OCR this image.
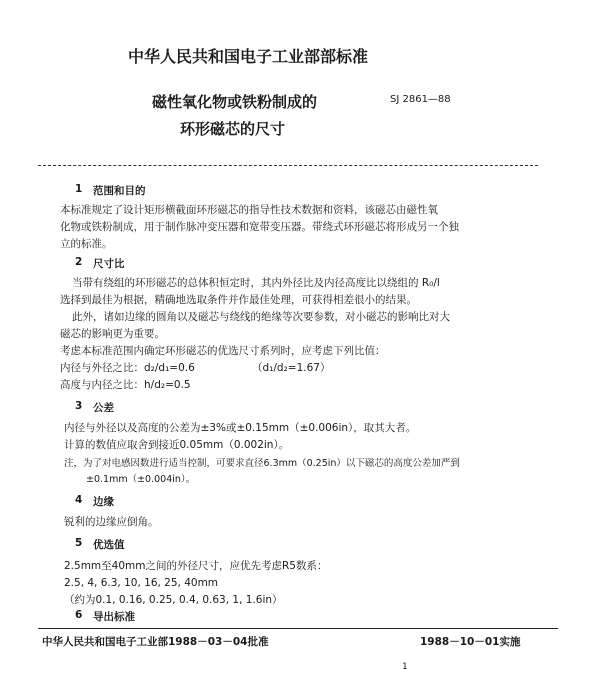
中华人民共和国电子工业部部标准
磁性氧化物或铁粉制成的	SJ 2861—88
环形磁芯的尺寸
1 范围和目的
本标准规定了设计矩形横截面环形磁芯的指导性技术数据和资料，该磁芯由磁性氧
化物或铁粉制成，用于制作脉冲变压器和宽带变压器。带绕式环形磁芯将形成另一个独
立的标准。
2 尺寸比
当带有绕组的环形磁芯的总体积恒定时，其内外径比及内径高度比以绕组的 R₀/l
选择到最佳为根据，精确地选取条件并作最佳处理，可获得相差很小的结果。
此外，诸如边缘的圆角以及磁芯与绕线的绝缘等次要参数，对小磁芯的影响比对大
磁芯的影响更为重要。
考虑本标准范围内确定环形磁芯的优选尺寸系列时，应考虑下列比值：
内径与外径之比：d₂/d₁=0.6	（d₁/d₂=1.67）
高度与内径之比：h/d₂=0.5
3 公差
内径与外径以及高度的公差为±3%或±0.15mm（±0.006in），取其大者。
计算的数值应取舍到接近0.05mm（0.002in）。
注，为了对电感因数进行适当控制，可要求直径6.3mm（0.25in）以下磁芯的高度公差加严到
±0.1mm（±0.004in）。
4 边缘
锐利的边缘应倒角。
5 优选值
2.5mm至40mm之间的外径尺寸，应优先考虑R5数系：
2.5, 4, 6.3, 10, 16, 25, 40mm
（约为0.1, 0.16, 0.25, 0.4, 0.63, 1, 1.6in）
6 导出标准
中华人民共和国电子工业部1988－03－04批准	1988－10－01实施
1
